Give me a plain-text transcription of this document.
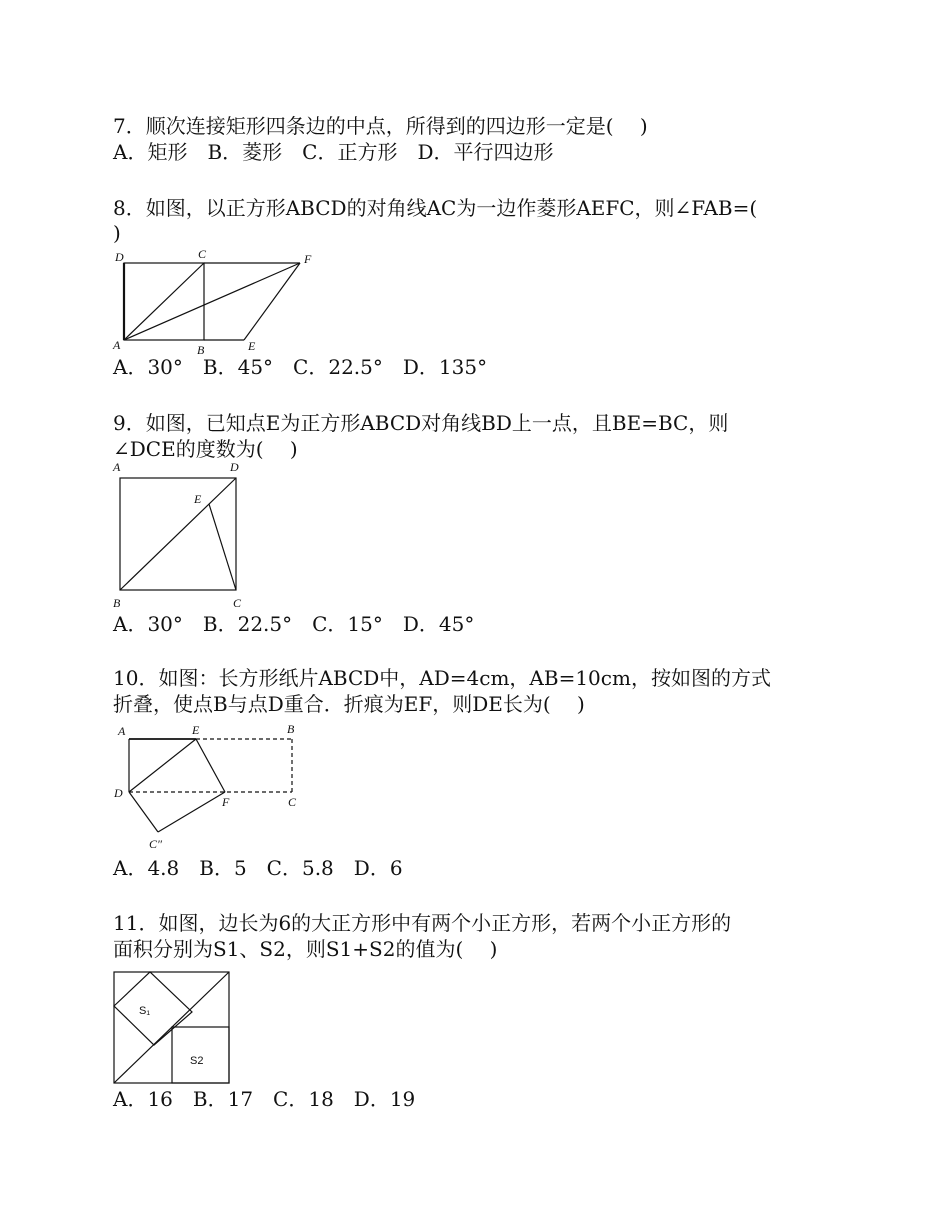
7．顺次连接矩形四条边的中点，所得到的四边形一定是(　 )
A．矩形　B．菱形　C．正方形　D．平行四边形
8．如图，以正方形ABCD的对角线AC为一边作菱形AEFC，则∠FAB=(
)
D	C	F
A	B	E
A．30°　B．45°　C．22.5°　D．135°
9．如图，已知点E为正方形ABCD对角线BD上一点，且BE=BC，则
∠DCE的度数为(　 )
A	D
E
B	C
A．30°　B．22.5°　C．15°　D．45°
10．如图：长方形纸片ABCD中，AD=4cm，AB=10cm，按如图的方式
折叠，使点B与点D重合．折痕为EF，则DE长为(　 )
A	E	B
D
F	C
C″
A．4.8　B．5　C．5.8　D．6
11．如图，边长为6的大正方形中有两个小正方形，若两个小正方形的
面积分别为S1、S2，则S1+S2的值为(　 )
S₁
S2
A．16　B．17　C．18　D．19
